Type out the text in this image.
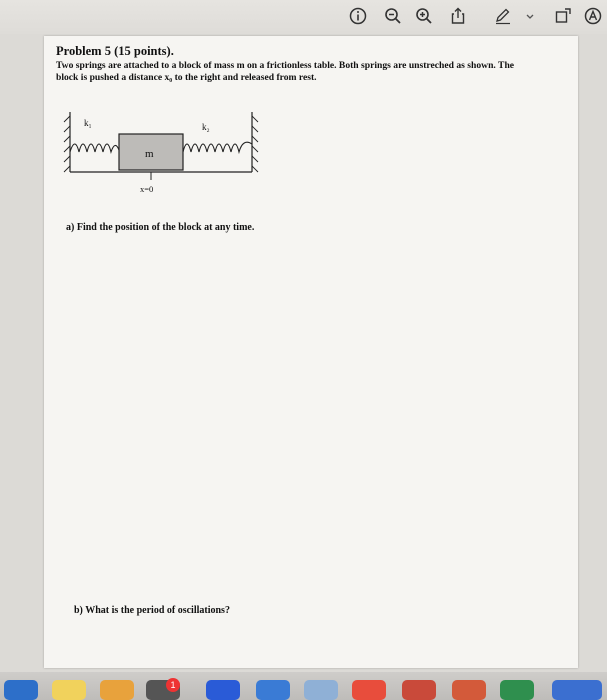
Problem 5 (15 points).
Two springs are attached to a block of mass m on a frictionless table. Both springs are unstreched as shown. The block is pushed a distance x₀ to the right and released from rest.
k₁	k₂
m
x=0
a) Find the position of the block at any time.
b) What is the period of oscillations?
1
